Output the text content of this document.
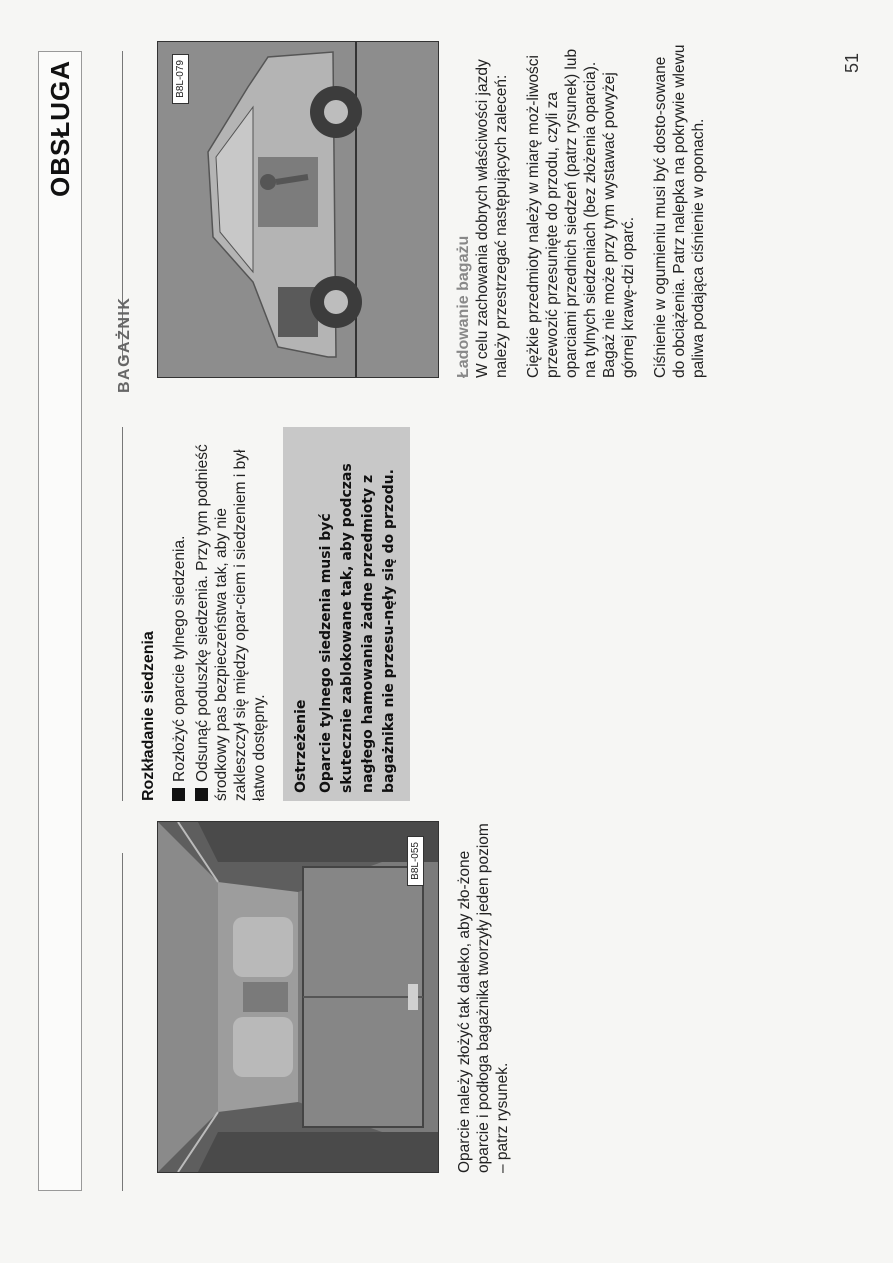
OBSŁUGA
B8L-055 Oparcie należy złożyć tak daleko, aby zło-żone oparcie i podłoga bagażnika tworzyły jeden poziom – patrz rysunek.
Rozkładanie siedzenia Rozłożyć oparcie tylnego siedzenia. Odsunąć poduszkę siedzenia. Przy tym podnieść środkowy pas bezpieczeństwa tak, aby nie zakleszczył się między opar-ciem i siedzeniem i był łatwo dostępny. Ostrzeżenie Oparcie tylnego siedzenia musi być skutecznie zablokowane tak, aby podczas nagłego hamowania żadne przedmioty z bagażnika nie przesu-nęły się do przodu.
BAGAŻNIK
B8L-079
Ładowanie bagażu W celu zachowania dobrych właściwości jazdy należy przestrzegać następujących zaleceń: Ciężkie przedmioty należy w miarę moż-liwości przewozić przesunięte do przodu, czyli za oparciami przednich siedzeń (patrz rysunek) lub na tylnych siedzeniach (bez złożenia oparcia). Bagaż nie może przy tym wystawać powyżej górnej krawę-dzi oparć. Ciśnienie w ogumieniu musi być dosto-sowane do obciążenia. Patrz nalepka na pokrywie wlewu paliwa podająca ciśnienie w oponach.
51
